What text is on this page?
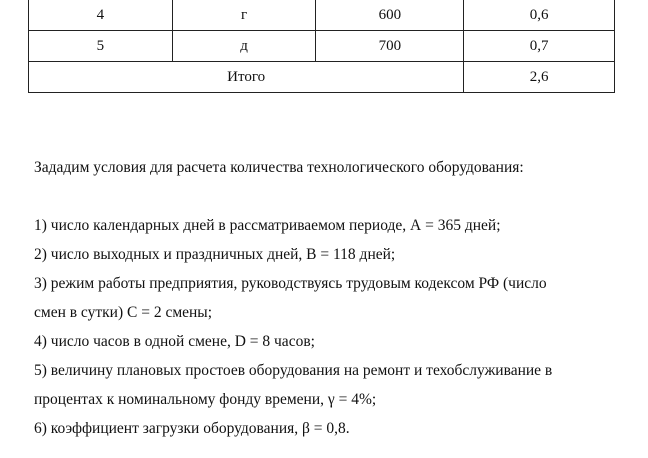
4	г	600	0,6
5	д	700	0,7
Итого			2,6

Зададим условия для расчета количества технологического оборудования:

1) число календарных дней в рассматриваемом периоде, А = 365 дней;

2) число выходных и праздничных дней, В = 118 дней;

3) режим работы предприятия, руководствуясь трудовым кодексом РФ (число

смен в сутки) С = 2 смены;

4) число часов в одной смене, D = 8 часов;

5) величину плановых простоев оборудования на ремонт и техобслуживание в

процентах к номинальному фонду времени, γ = 4%;

6) коэффициент загрузки оборудования, β = 0,8.
